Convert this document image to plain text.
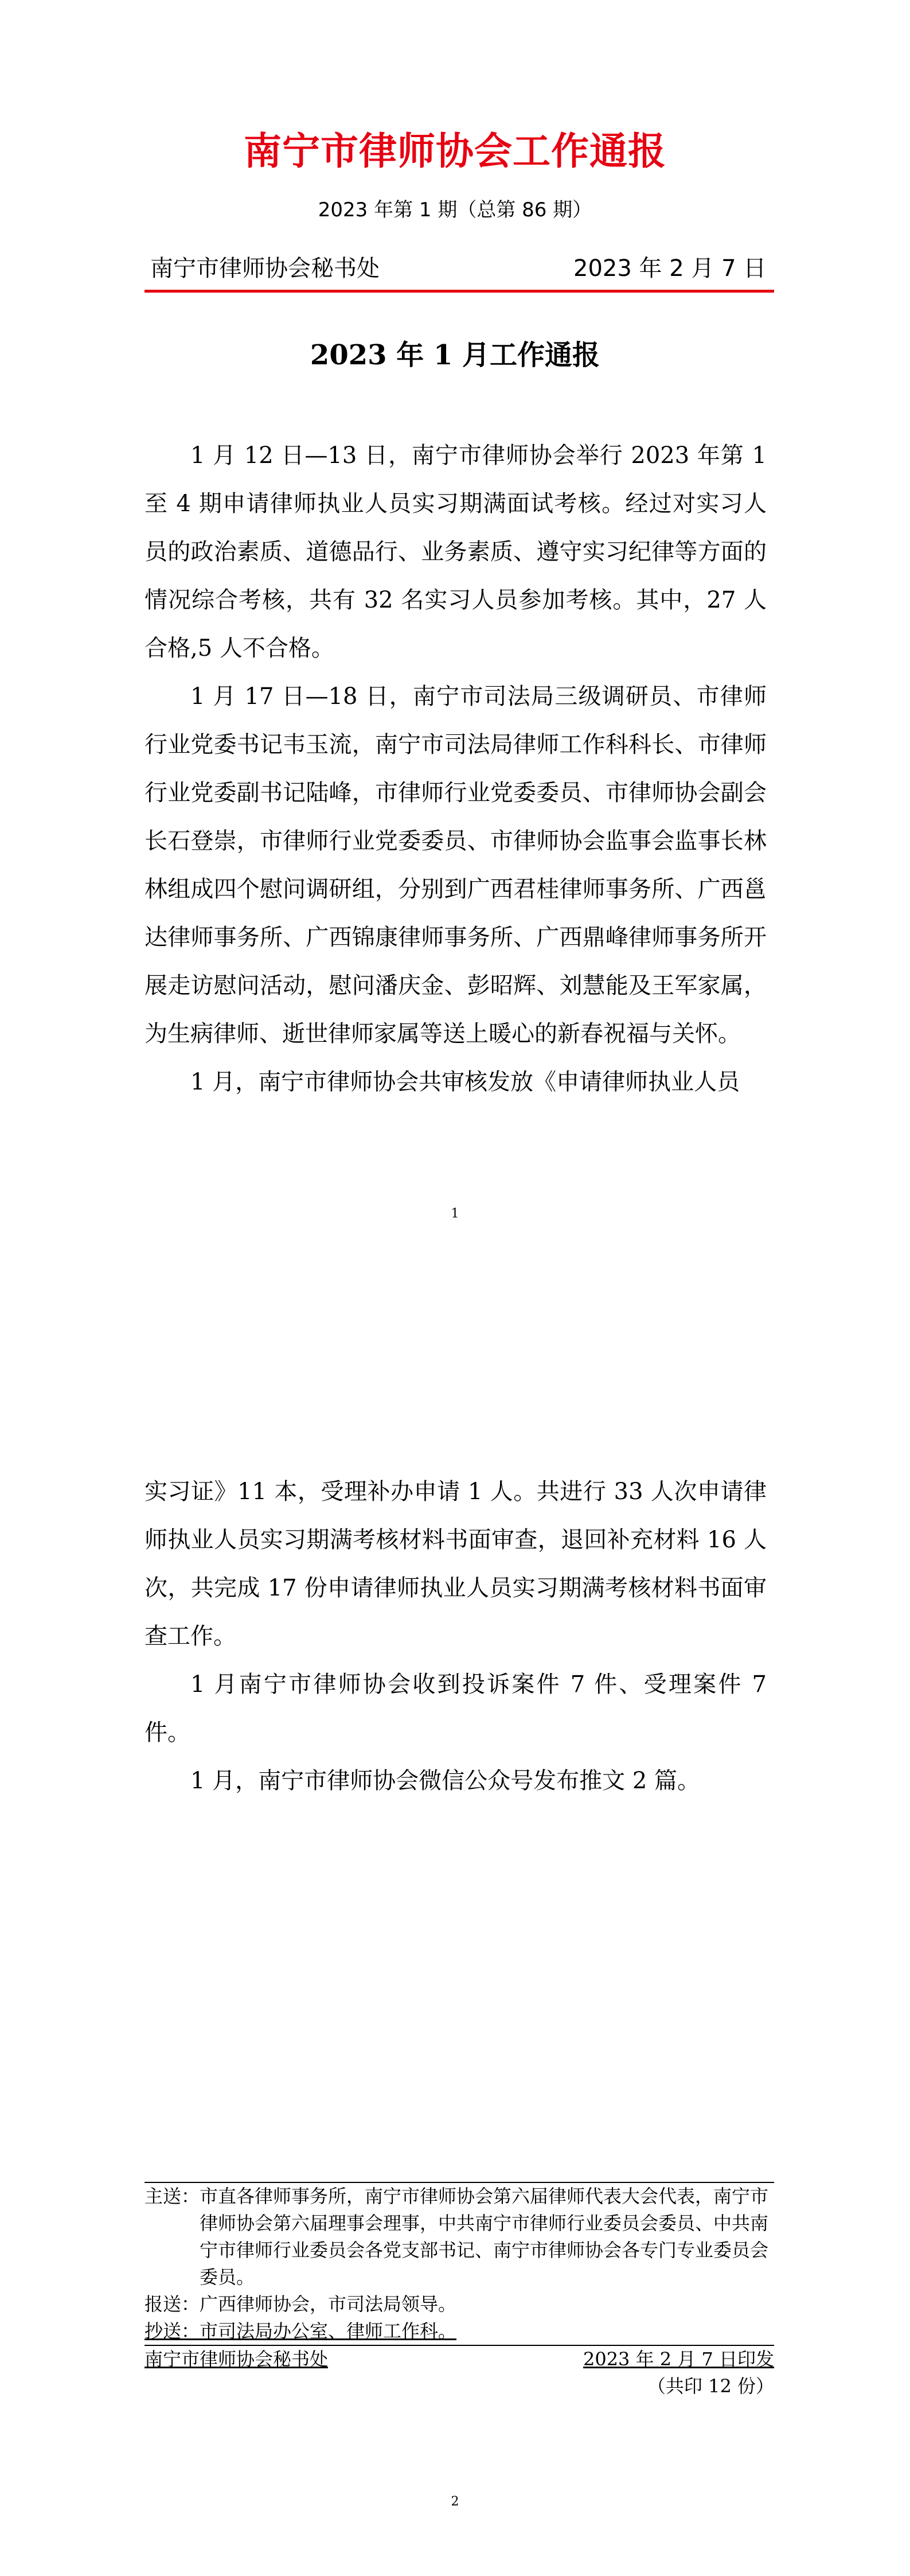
南宁市律师协会工作通报
2023 年第 1 期（总第 86 期）
南宁市律师协会秘书处	2023 年 2 月 7 日
2023 年 1 月工作通报

1 月 12 日—13 日，南宁市律师协会举行 2023 年第 1 至 4 期申请律师执业人员实习期满面试考核。经过对实习人员的政治素质、道德品行、业务素质、遵守实习纪律等方面的情况综合考核，共有 32 名实习人员参加考核。其中，27 人合格,5 人不合格。

1 月 17 日—18 日，南宁市司法局三级调研员、市律师行业党委书记韦玉流，南宁市司法局律师工作科科长、市律师行业党委副书记陆峰，市律师行业党委委员、市律师协会副会长石登崇，市律师行业党委委员、市律师协会监事会监事长林林组成四个慰问调研组，分别到广西君桂律师事务所、广西邕达律师事务所、广西锦康律师事务所、广西鼎峰律师事务所开展走访慰问活动，慰问潘庆金、彭昭辉、刘慧能及王军家属，为生病律师、逝世律师家属等送上暖心的新春祝福与关怀。

1 月，南宁市律师协会共审核发放《申请律师执业人员

1

实习证》11 本，受理补办申请 1 人。共进行 33 人次申请律师执业人员实习期满考核材料书面审查，退回补充材料 16 人次，共完成 17 份申请律师执业人员实习期满考核材料书面审查工作。

1 月南宁市律师协会收到投诉案件 7 件、受理案件 7 件。

1 月，南宁市律师协会微信公众号发布推文 2 篇。

主送： 市直各律师事务所，南宁市律师协会第六届律师代表大会代表，南宁市律师协会第六届理事会理事，中共南宁市律师行业委员会委员、中共南宁市律师行业委员会各党支部书记、南宁市律师协会各专门专业委员会委员。
报送： 广西律师协会，市司法局领导。
抄送： 市司法局办公室、律师工作科。
南宁市律师协会秘书处	2023 年 2 月 7 日印发
（共印 12 份）
2
